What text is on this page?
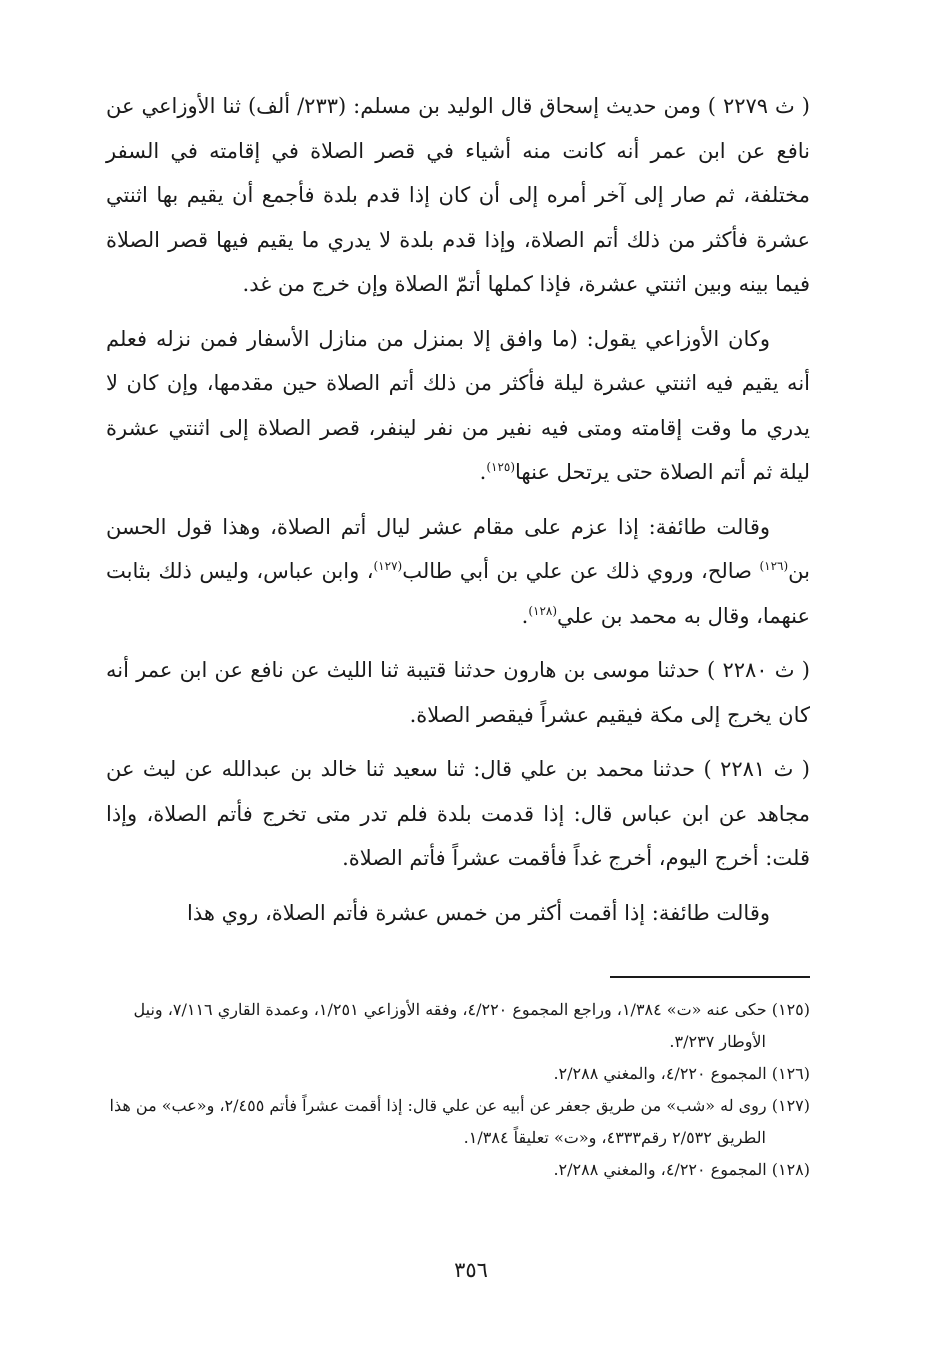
( ث ٢٢٧٩ ) ومن حديث إسحاق قال الوليد بن مسلم: (٢٣٣/ ألف) ثنا الأوزاعي عن نافع عن ابن عمر أنه كانت منه أشياء في قصر الصلاة في إقامته في السفر مختلفة، ثم صار إلى آخر أمره إلى أن كان إذا قدم بلدة فأجمع أن يقيم بها اثنتي عشرة فأكثر من ذلك أتم الصلاة، وإذا قدم بلدة لا يدري ما يقيم فيها قصر الصلاة فيما بينه وبين اثنتي عشرة، فإذا كملها أتمّ الصلاة وإن خرج من غد.

وكان الأوزاعي يقول: (ما وافق إلا بمنزل من منازل الأسفار فمن نزله فعلم أنه يقيم فيه اثنتي عشرة ليلة فأكثر من ذلك أتم الصلاة حين مقدمها، وإن كان لا يدري ما وقت إقامته ومتى فيه نفير من نفر لينفر، قصر الصلاة إلى اثنتي عشرة ليلة ثم أتم الصلاة حتى يرتحل عنها$^{(١٢٥)}$.

وقالت طائفة: إذا عزم على مقام عشر ليال أتم الصلاة، وهذا قول الحسن بن$^{(١٢٦)}$ صالح، وروي ذلك عن علي بن أبي طالب$^{(١٢٧)}$، وابن عباس، وليس ذلك بثابت عنهما، وقال به محمد بن علي$^{(١٢٨)}$.

( ث ٢٢٨٠ ) حدثنا موسى بن هارون حدثنا قتيبة ثنا الليث عن نافع عن ابن عمر أنه كان يخرج إلى مكة فيقيم عشراً فيقصر الصلاة.

( ث ٢٢٨١ ) حدثنا محمد بن علي قال: ثنا سعيد ثنا خالد بن عبدالله عن ليث عن مجاهد عن ابن عباس قال: إذا قدمت بلدة فلم تدر متى تخرج فأتم الصلاة، وإذا قلت: أخرج اليوم، أخرج غداً فأقمت عشراً فأتم الصلاة.

وقالت طائفة: إذا أقمت أكثر من خمس عشرة فأتم الصلاة، روي هذا

(١٢٥) حكى عنه «ت» ١/٣٨٤، وراجع المجموع ٤/٢٢٠، وفقه الأوزاعي ١/٢٥١، وعمدة القاري ٧/١١٦، ونيل الأوطار ٣/٢٣٧.

(١٢٦) المجموع ٤/٢٢٠، والمغني ٢/٢٨٨.

(١٢٧) روى له «شب» من طريق جعفر عن أبيه عن علي قال: إذا أقمت عشراً فأتم ٢/٤٥٥، و«عب» من هذا الطريق ٢/٥٣٢ رقم٤٣٣٣، و«ت» تعليقاً ١/٣٨٤.

(١٢٨) المجموع ٤/٢٢٠، والمغني ٢/٢٨٨.

٣٥٦
